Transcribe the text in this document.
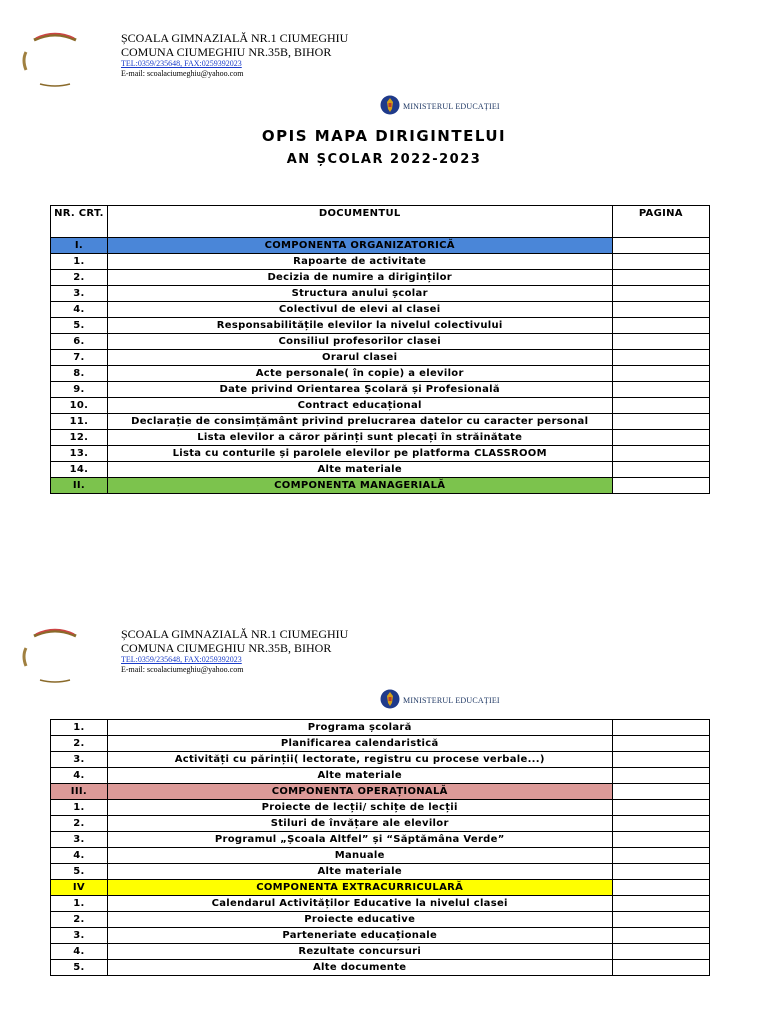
ȘCOALA GIMNAZIALĂ NR.1 CIUMEGHIU
COMUNA CIUMEGHIU NR.35B, BIHOR
TEL:0359/235648, FAX:0259392023
E-mail: scoalaciumeghiu@yahoo.com
MINISTERUL EDUCAȚIEI
OPIS MAPA DIRIGINTELUI
AN ȘCOLAR 2022-2023
NR. CRT.	DOCUMENTUL	PAGINA
I.	COMPONENTA ORGANIZATORICĂ	
1.	Rapoarte de activitate	
2.	Decizia de numire a diriginților	
3.	Structura anului școlar	
4.	Colectivul de elevi al clasei	
5.	Responsabilitățile elevilor la nivelul colectivului	
6.	Consiliul profesorilor clasei	
7.	Orarul clasei	
8.	Acte personale( în copie) a elevilor	
9.	Date privind Orientarea Școlară și Profesională	
10.	Contract educațional	
11.	Declarație de consimțământ privind prelucrarea datelor cu caracter personal	
12.	Lista elevilor a căror părinți sunt plecați în străinătate	
13.	Lista cu conturile și parolele elevilor pe platforma CLASSROOM	
14.	Alte materiale	
II.	COMPONENTA MANAGERIALĂ	
ȘCOALA GIMNAZIALĂ NR.1 CIUMEGHIU
COMUNA CIUMEGHIU NR.35B, BIHOR
TEL:0359/235648, FAX:0259392023
E-mail: scoalaciumeghiu@yahoo.com
MINISTERUL EDUCAȚIEI
1.	Programa școlară	
2.	Planificarea calendaristică	
3.	Activități cu părinții( lectorate, registru cu procese verbale...)	
4.	Alte materiale	
III.	COMPONENTA OPERAȚIONALĂ	
1.	Proiecte de lecții/ schițe de lecții	
2.	Stiluri de învățare ale elevilor	
3.	Programul „Școala Altfel” și “Săptămâna Verde”	
4.	Manuale	
5.	Alte materiale	
IV	COMPONENTA EXTRACURRICULARĂ	
1.	Calendarul Activităților Educative la nivelul clasei	
2.	Proiecte educative	
3.	Parteneriate educaționale	
4.	Rezultate concursuri	
5.	Alte documente	
